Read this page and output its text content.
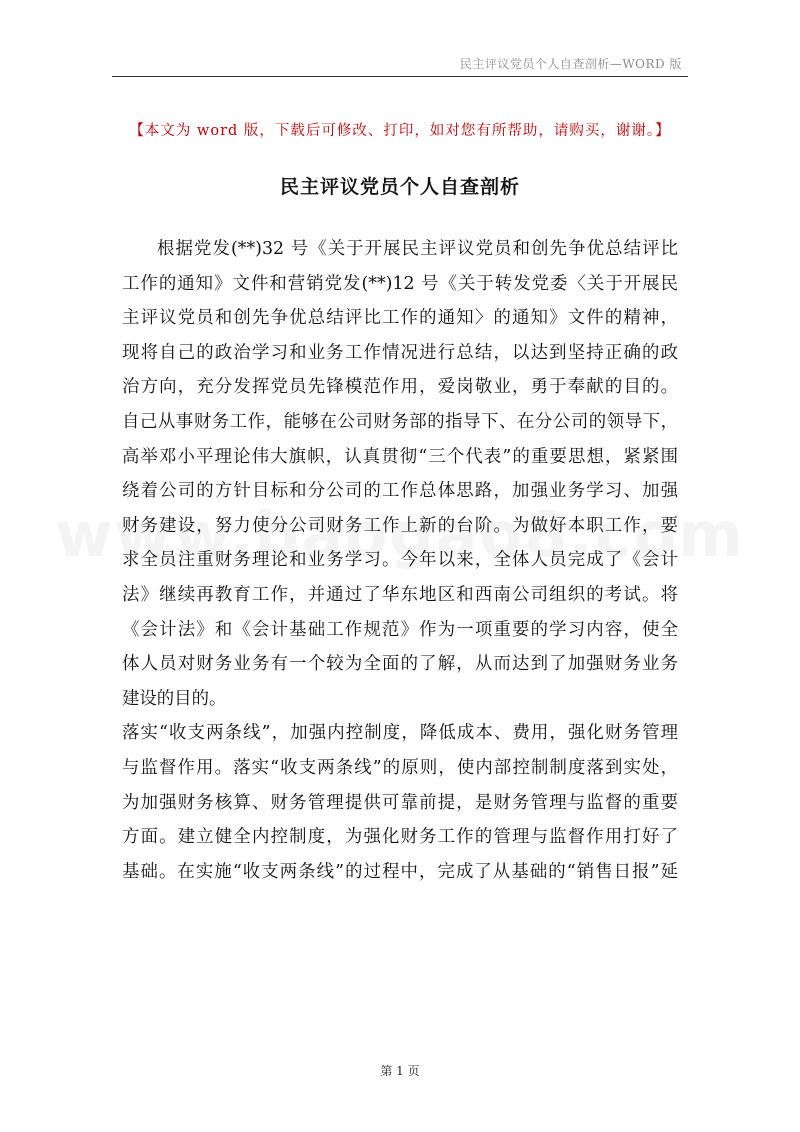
民主评议党员个人自查剖析—WORD 版
【本文为 word 版，下载后可修改、打印，如对您有所帮助，请购买，谢谢。】
民主评议党员个人自查剖析
根据党发(**)32 号《关于开展民主评议党员和创先争优总结评比
工作的通知》文件和营销党发(**)12 号《关于转发党委〈关于开展民
主评议党员和创先争优总结评比工作的通知〉的通知》文件的精神，
现将自己的政治学习和业务工作情况进行总结，以达到坚持正确的政
治方向，充分发挥党员先锋模范作用，爱岗敬业，勇于奉献的目的。
自己从事财务工作，能够在公司财务部的指导下、在分公司的领导下，
高举邓小平理论伟大旗帜，认真贯彻“三个代表”的重要思想，紧紧围
绕着公司的方针目标和分公司的工作总体思路，加强业务学习、加强
财务建设，努力使分公司财务工作上新的台阶。为做好本职工作，要
求全员注重财务理论和业务学习。今年以来，全体人员完成了《会计
法》继续再教育工作，并通过了华东地区和西南公司组织的考试。将
《会计法》和《会计基础工作规范》作为一项重要的学习内容，使全
体人员对财务业务有一个较为全面的了解，从而达到了加强财务业务
建设的目的。
落实“收支两条线”，加强内控制度，降低成本、费用，强化财务管理
与监督作用。落实“收支两条线”的原则，使内部控制制度落到实处，
为加强财务核算、财务管理提供可靠前提，是财务管理与监督的重要
方面。建立健全内控制度，为强化财务工作的管理与监督作用打好了
基础。在实施“收支两条线”的过程中，完成了从基础的“销售日报”延
第 1 页
